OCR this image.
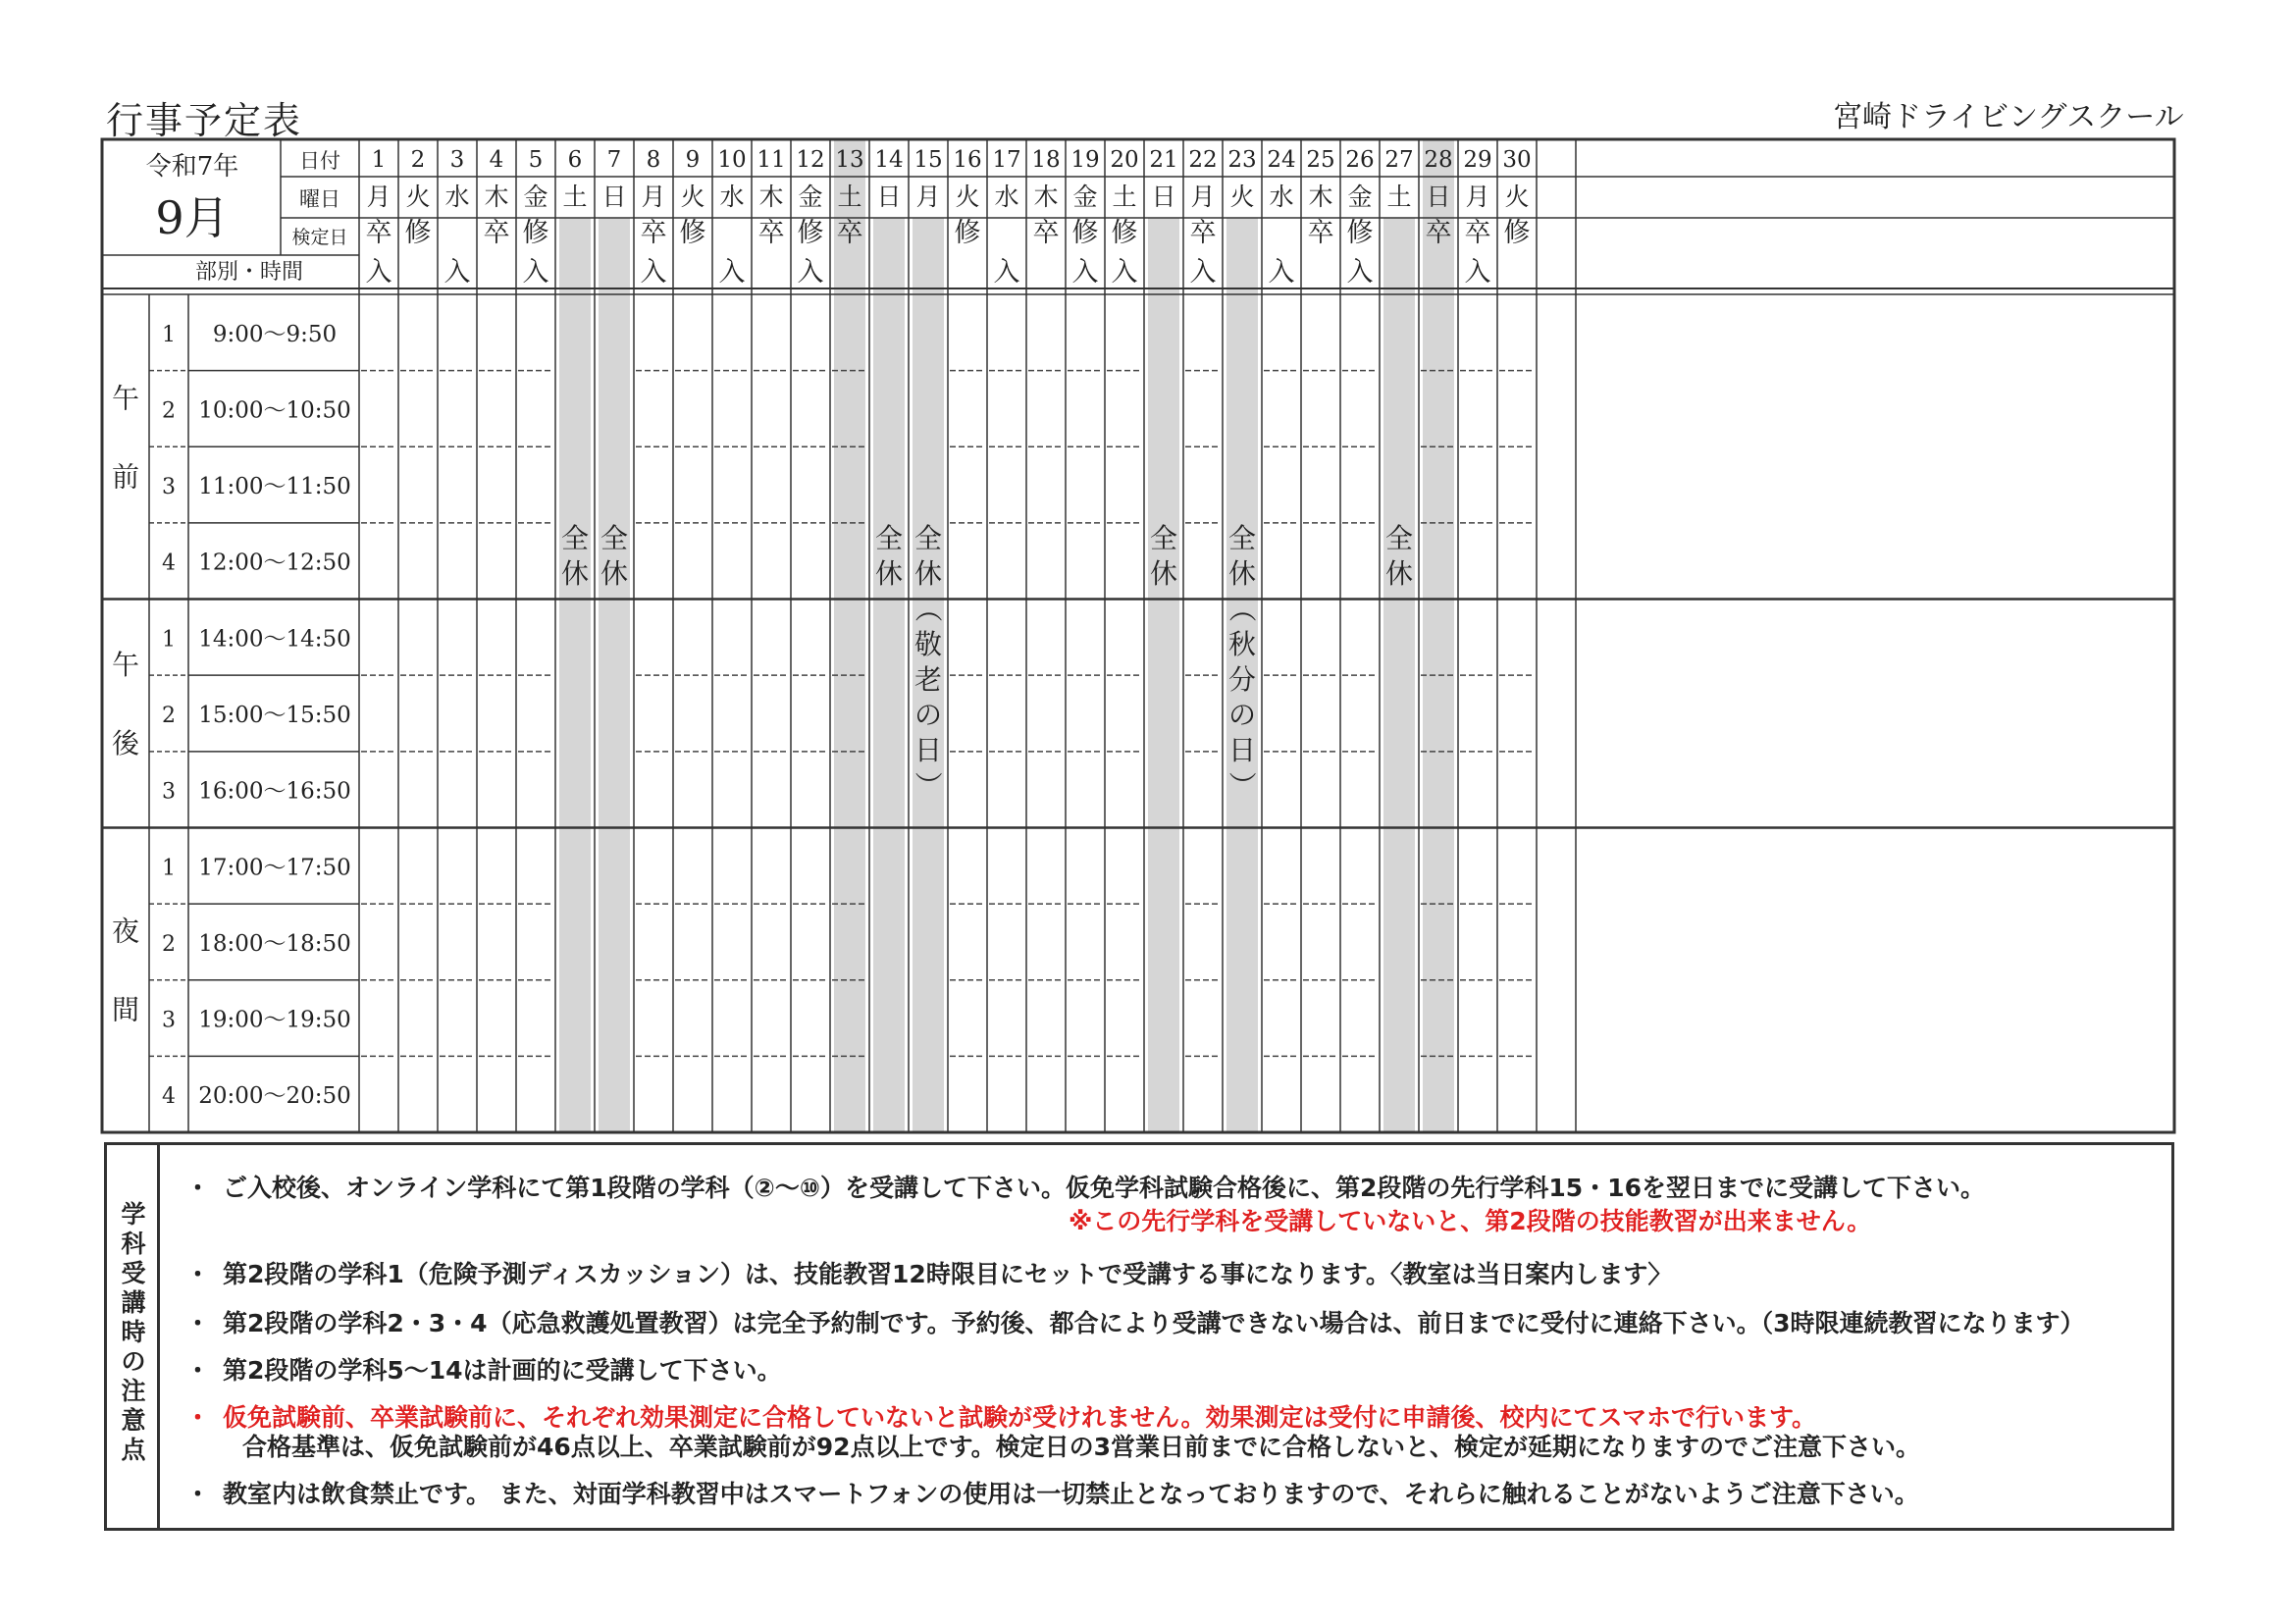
行事予定表	宮崎ドライビングスクール
令和7年
9月
日付
曜日
検定日
部別・時間
1
月
卒
入
2
火
修
3
水
入
4
木
卒
5
金
修
入
6
土
7
日
8
月
卒
入
9
火
修
10
水
入
11
木
卒
12
金
修
入
13
土
卒
14
日
15
月
16
火
修
17
水
入
18
木
卒
19
金
修
入
20
土
修
入
21
日
22
月
卒
入
23
火
24
水
入
25
木
卒
26
金
修
入
27
土
28
日
卒
29
月
卒
入
30
火
修
午
前
1 9:00～9:50
2 10:00～10:50
3 11:00～11:50
4 12:00～12:50
午
後
1 14:00～14:50
2 15:00～15:50
3 16:00～16:50
夜
間
1 17:00～17:50
2 18:00～18:50
3 19:00～19:50
4 20:00～20:50
全
休
全
休
全
休
全
休
（
敬
老
の
日
）
全
休
全
休
（
秋
分
の
日
）
全
休
学科受講時の注意点
・ ご入校後、オンライン学科にて第1段階の学科（②～⑩）を受講して下さい。仮免学科試験合格後に、第2段階の先行学科15・16を翌日までに受講して下さい。
※この先行学科を受講していないと、第2段階の技能教習が出来ません。
・ 第2段階の学科1（危険予測ディスカッション）は、技能教習12時限目にセットで受講する事になります。〈教室は当日案内します〉
・ 第2段階の学科2・3・4（応急救護処置教習）は完全予約制です。予約後、都合により受講できない場合は、前日までに受付に連絡下さい。（3時限連続教習になります）
・ 第2段階の学科5～14は計画的に受講して下さい。
・ 仮免試験前、卒業試験前に、それぞれ効果測定に合格していないと試験が受けれません。効果測定は受付に申請後、校内にてスマホで行います。
合格基準は、仮免試験前が46点以上、卒業試験前が92点以上です。検定日の3営業日前までに合格しないと、検定が延期になりますのでご注意下さい。
・ 教室内は飲食禁止です。 また、対面学科教習中はスマートフォンの使用は一切禁止となっておりますので、それらに触れることがないようご注意下さい。
